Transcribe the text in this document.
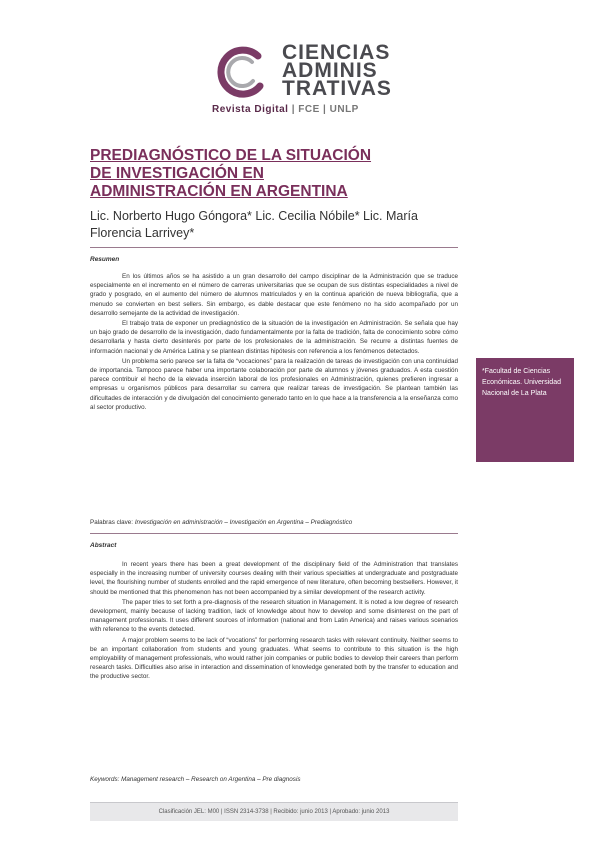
CIENCIAS
ADMINIS
TRATIVAS
Revista Digital | FCE | UNLP
PREDIAGNÓSTICO DE LA SITUACIÓN DE INVESTIGACIÓN EN ADMINISTRACIÓN EN ARGENTINA
Lic. Norberto Hugo Góngora* Lic. Cecilia Nóbile* Lic. María Florencia Larrivey*
Resumen

En los últimos años se ha asistido a un gran desarrollo del campo disciplinar de la Administración que se traduce especialmente en el incremento en el número de carreras universitarias que se ocupan de sus distintas especialidades a nivel de grado y posgrado, en el aumento del número de alumnos matriculados y en la continua aparición de nueva bibliografía, que a menudo se convierten en best sellers. Sin embargo, es dable destacar que este fenómeno no ha sido acompañado por un desarrollo semejante de la actividad de investigación.

El trabajo trata de exponer un prediagnóstico de la situación de la investigación en Administración. Se señala que hay un bajo grado de desarrollo de la investigación, dado fundamentalmente por la falta de tradición, falta de conocimiento sobre cómo desarrollarla y hasta cierto desinterés por parte de los profesionales de la administración. Se recurre a distintas fuentes de información nacional y de América Latina y se plantean distintas hipótesis con referencia a los fenómenos detectados.

Un problema serio parece ser la falta de “vocaciones” para la realización de tareas de investigación con una continuidad de importancia. Tampoco parece haber una importante colaboración por parte de alumnos y jóvenes graduados. A esta cuestión parece contribuir el hecho de la elevada inserción laboral de los profesionales en Administración, quienes prefieren ingresar a empresas u organismos públicos para desarrollar su carrera que realizar tareas de investigación. Se plantean también las dificultades de interacción y de divulgación del conocimiento generado tanto en lo que hace a la transferencia a la enseñanza como al sector productivo.

Palabras clave: Investigación en administración – Investigación en Argentina – Prediagnóstico
Abstract

In recent years there has been a great development of the disciplinary field of the Administration that translates especially in the increasing number of university courses dealing with their various specialties at undergraduate and postgraduate level, the flourishing number of students enrolled and the rapid emergence of new literature, often becoming bestsellers. However, it should be mentioned that this phenomenon has not been accompanied by a similar development of the research activity.

The paper tries to set forth a pre-diagnosis of the research situation in Management. It is noted a low degree of research development, mainly because of lacking tradition, lack of knowledge about how to develop and some disinterest on the part of management professionals. It uses different sources of information (national and from Latin America) and raises various scenarios with reference to the events detected.

A major problem seems to be lack of “vocations” for performing research tasks with relevant continuity. Neither seems to be an important collaboration from students and young graduates. What seems to contribute to this situation is the high employability of management professionals, who would rather join companies or public bodies to develop their careers than perform research tasks. Difficulties also arise in interaction and dissemination of knowledge generated both by the transfer to education and the productive sector.

Keywords: Management research – Research on Argentina – Pre diagnosis
*Facultad de Ciencias Económicas. Universidad Nacional de La Plata
Clasificación JEL: M00 | ISSN 2314-3738 | Recibido: junio 2013 | Aprobado: junio 2013
